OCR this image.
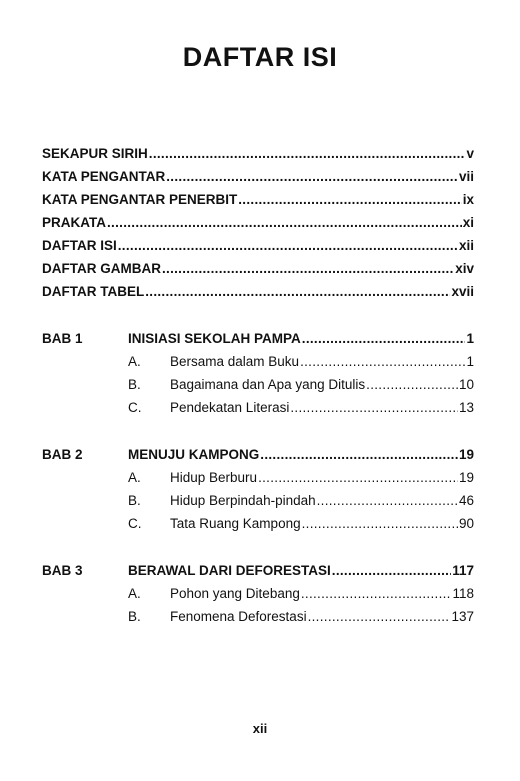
DAFTAR ISI
SEKAPUR SIRIH .....	v
KATA PENGANTAR .....	vii
KATA PENGANTAR PENERBIT .....	ix
PRAKATA .....	xi
DAFTAR ISI .....	xii
DAFTAR GAMBAR .....	xiv
DAFTAR TABEL .....	xvii
BAB 1	INISIASI SEKOLAH PAMPA .....	1
A.	Bersama dalam Buku .....	1
B.	Bagaimana dan Apa yang Ditulis .....	10
C.	Pendekatan Literasi .....	13
BAB 2	MENUJU KAMPONG .....	19
A.	Hidup Berburu .....	19
B.	Hidup Berpindah-pindah .....	46
C.	Tata Ruang Kampong .....	90
BAB 3	BERAWAL DARI DEFORESTASI .....	117
A.	Pohon yang Ditebang .....	118
B.	Fenomena Deforestasi .....	137
xii
